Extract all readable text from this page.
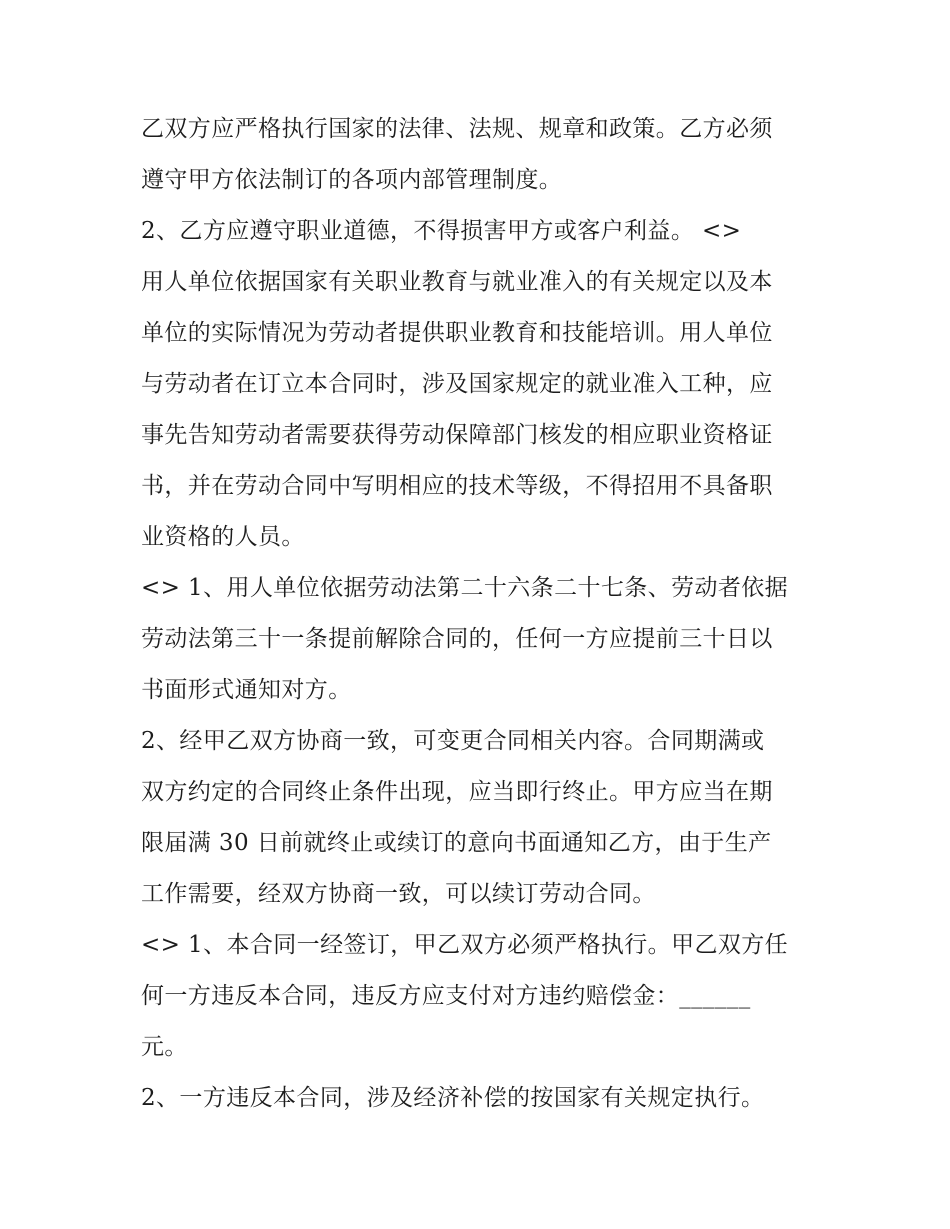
乙双方应严格执行国家的法律、法规、规章和政策。乙方必须
遵守甲方依法制订的各项内部管理制度。
2、乙方应遵守职业道德，不得损害甲方或客户利益。 <>
用人单位依据国家有关职业教育与就业准入的有关规定以及本
单位的实际情况为劳动者提供职业教育和技能培训。用人单位
与劳动者在订立本合同时，涉及国家规定的就业准入工种，应
事先告知劳动者需要获得劳动保障部门核发的相应职业资格证
书，并在劳动合同中写明相应的技术等级，不得招用不具备职
业资格的人员。
<> 1、用人单位依据劳动法第二十六条二十七条、劳动者依据
劳动法第三十一条提前解除合同的，任何一方应提前三十日以
书面形式通知对方。
2、经甲乙双方协商一致，可变更合同相关内容。合同期满或
双方约定的合同终止条件出现，应当即行终止。甲方应当在期
限届满 30 日前就终止或续订的意向书面通知乙方，由于生产
工作需要，经双方协商一致，可以续订劳动合同。
<> 1、本合同一经签订，甲乙双方必须严格执行。甲乙双方任
何一方违反本合同，违反方应支付对方违约赔偿金：______
元。
2、一方违反本合同，涉及经济补偿的按国家有关规定执行。
